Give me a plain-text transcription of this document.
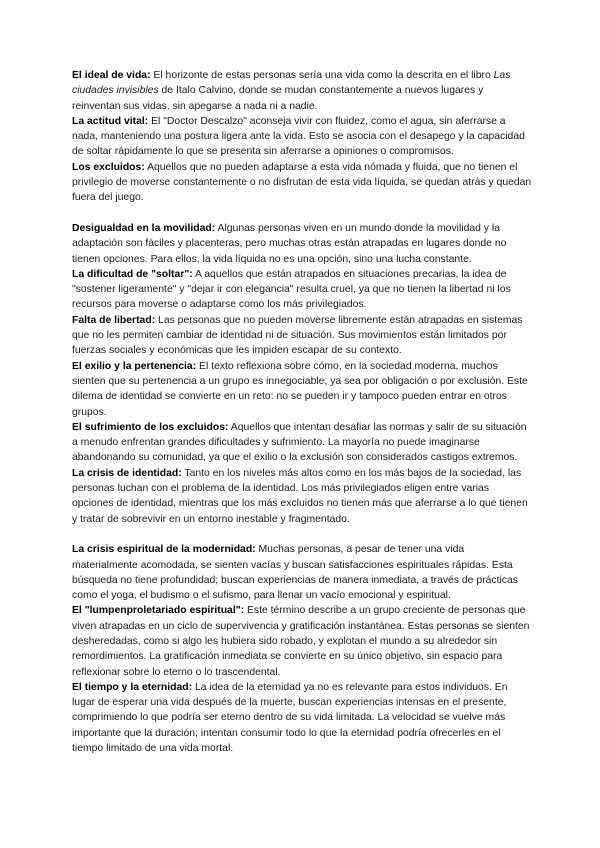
El ideal de vida: El horizonte de estas personas sería una vida como la descrita en el libro Las ciudades invisibles de Italo Calvino, donde se mudan constantemente a nuevos lugares y reinventan sus vidas, sin apegarse a nada ni a nadie.

La actitud vital: El "Doctor Descalzo" aconseja vivir con fluidez, como el agua, sin aferrarse a nada, manteniendo una postura ligera ante la vida. Esto se asocia con el desapego y la capacidad de soltar rápidamente lo que se presenta sin aferrarse a opiniones o compromisos.

Los excluidos: Aquellos que no pueden adaptarse a esta vida nómada y fluida, que no tienen el privilegio de moverse constantemente o no disfrutan de esta vida líquida, se quedan atrás y quedan fuera del juego.

Desigualdad en la movilidad: Algunas personas viven en un mundo donde la movilidad y la adaptación son fáciles y placenteras, pero muchas otras están atrapadas en lugares donde no tienen opciones. Para ellos, la vida líquida no es una opción, sino una lucha constante.

La dificultad de "soltar": A aquellos que están atrapados en situaciones precarias, la idea de "sostener ligeramente" y "dejar ir con elegancia" resulta cruel, ya que no tienen la libertad ni los recursos para moverse o adaptarse como los más privilegiados.

Falta de libertad: Las personas que no pueden moverse libremente están atrapadas en sistemas que no les permiten cambiar de identidad ni de situación. Sus movimientos están limitados por fuerzas sociales y económicas que les impiden escapar de su contexto.

El exilio y la pertenencia: El texto reflexiona sobre cómo, en la sociedad moderna, muchos sienten que su pertenencia a un grupo es innegociable, ya sea por obligación o por exclusión. Este dilema de identidad se convierte en un reto: no se pueden ir y tampoco pueden entrar en otros grupos.

El sufrimiento de los excluidos: Aquellos que intentan desafiar las normas y salir de su situación a menudo enfrentan grandes dificultades y sufrimiento. La mayoría no puede imaginarse abandonando su comunidad, ya que el exilio o la exclusión son considerados castigos extremos.

La crisis de identidad: Tanto en los niveles más altos como en los más bajos de la sociedad, las personas luchan con el problema de la identidad. Los más privilegiados eligen entre varias opciones de identidad, mientras que los más excluidos no tienen más que aferrarse a lo que tienen y tratar de sobrevivir en un entorno inestable y fragmentado.

La crisis espiritual de la modernidad: Muchas personas, a pesar de tener una vida materialmente acomodada, se sienten vacías y buscan satisfacciones espirituales rápidas. Esta búsqueda no tiene profundidad; buscan experiencias de manera inmediata, a través de prácticas como el yoga, el budismo o el sufismo, para llenar un vacío emocional y espiritual.

El "lumpenproletariado espiritual": Este término describe a un grupo creciente de personas que viven atrapadas en un ciclo de supervivencia y gratificación instantánea. Estas personas se sienten desheredadas, como si algo les hubiera sido robado, y explotan el mundo a su alrededor sin remordimientos. La gratificación inmediata se convierte en su único objetivo, sin espacio para reflexionar sobre lo eterno o lo trascendental.

El tiempo y la eternidad: La idea de la eternidad ya no es relevante para estos individuos. En lugar de esperar una vida después de la muerte, buscan experiencias intensas en el presente, comprimiendo lo que podría ser eterno dentro de su vida limitada. La velocidad se vuelve más importante que la duración; intentan consumir todo lo que la eternidad podría ofrecerles en el tiempo limitado de una vida mortal.
